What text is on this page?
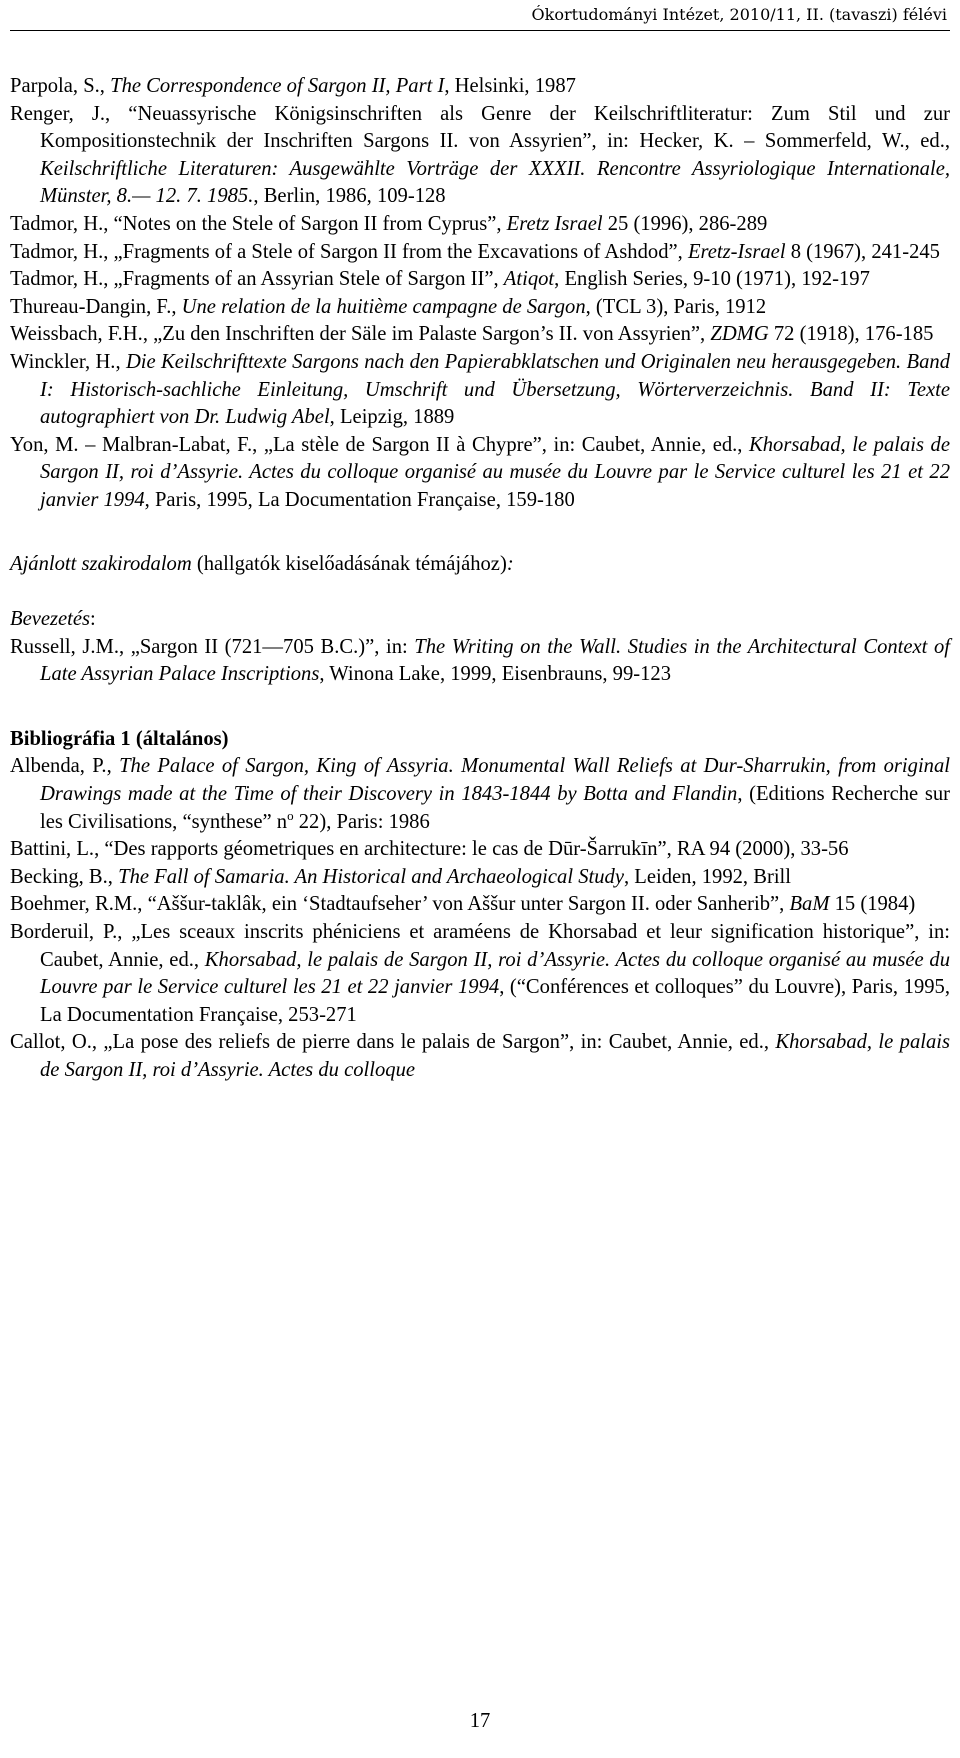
Ókortudományi Intézet, 2010/11, II. (tavaszi) félévi
Parpola, S., The Correspondence of Sargon II, Part I, Helsinki, 1987
Renger, J., “Neuassyrische Königsinschriften als Genre der Keilschriftliteratur: Zum Stil und zur Kompositionstechnik der Inschriften Sargons II. von Assyrien”, in: Hecker, K. – Sommerfeld, W., ed., Keilschriftliche Literaturen: Ausgewählte Vorträge der XXXII. Rencontre Assyriologique Internationale, Münster, 8.— 12. 7. 1985., Berlin, 1986, 109-128
Tadmor, H., “Notes on the Stele of Sargon II from Cyprus”, Eretz Israel 25 (1996), 286-289
Tadmor, H., „Fragments of a Stele of Sargon II from the Excavations of Ashdod”, Eretz-Israel 8 (1967), 241-245
Tadmor, H., „Fragments of an Assyrian Stele of Sargon II”, Atiqot, English Series, 9-10 (1971), 192-197
Thureau-Dangin, F., Une relation de la huitième campagne de Sargon, (TCL 3), Paris, 1912
Weissbach, F.H., „Zu den Inschriften der Säle im Palaste Sargon’s II. von Assyrien”, ZDMG 72 (1918), 176-185
Winckler, H., Die Keilschrifttexte Sargons nach den Papierabklatschen und Originalen neu herausgegeben. Band I: Historisch-sachliche Einleitung, Umschrift und Übersetzung, Wörterverzeichnis. Band II: Texte autographiert von Dr. Ludwig Abel, Leipzig, 1889
Yon, M. – Malbran-Labat, F., „La stèle de Sargon II à Chypre”, in: Caubet, Annie, ed., Khorsabad, le palais de Sargon II, roi d’Assyrie. Actes du colloque organisé au musée du Louvre par le Service culturel les 21 et 22 janvier 1994, Paris, 1995, La Documentation Française, 159-180

Ajánlott szakirodalom (hallgatók kiselőadásának témájához):

Bevezetés:

Russell, J.M., „Sargon II (721—705 B.C.)”, in: The Writing on the Wall. Studies in the Architectural Context of Late Assyrian Palace Inscriptions, Winona Lake, 1999, Eisenbrauns, 99-123

Bibliográfia 1 (általános)

Albenda, P., The Palace of Sargon, King of Assyria. Monumental Wall Reliefs at Dur-Sharrukin, from original Drawings made at the Time of their Discovery in 1843-1844 by Botta and Flandin, (Editions Recherche sur les Civilisations, “synthese” $n^o$ 22), Paris: 1986
Battini, L., “Des rapports géometriques en architecture: le cas de Dūr-Šarrukīn”, RA 94 (2000), 33-56
Becking, B., The Fall of Samaria. An Historical and Archaeological Study, Leiden, 1992, Brill
Boehmer, R.M., “Aššur-taklâk, ein ‘Stadtaufseher’ von Aššur unter Sargon II. oder Sanherib”, BaM 15 (1984)
Borderuil, P., „Les sceaux inscrits phéniciens et araméens de Khorsabad et leur signification historique”, in: Caubet, Annie, ed., Khorsabad, le palais de Sargon II, roi d’Assyrie. Actes du colloque organisé au musée du Louvre par le Service culturel les 21 et 22 janvier 1994, (“Conférences et colloques” du Louvre), Paris, 1995, La Documentation Française, 253-271
Callot, O., „La pose des reliefs de pierre dans le palais de Sargon”, in: Caubet, Annie, ed., Khorsabad, le palais de Sargon II, roi d’Assyrie. Actes du colloque
17
